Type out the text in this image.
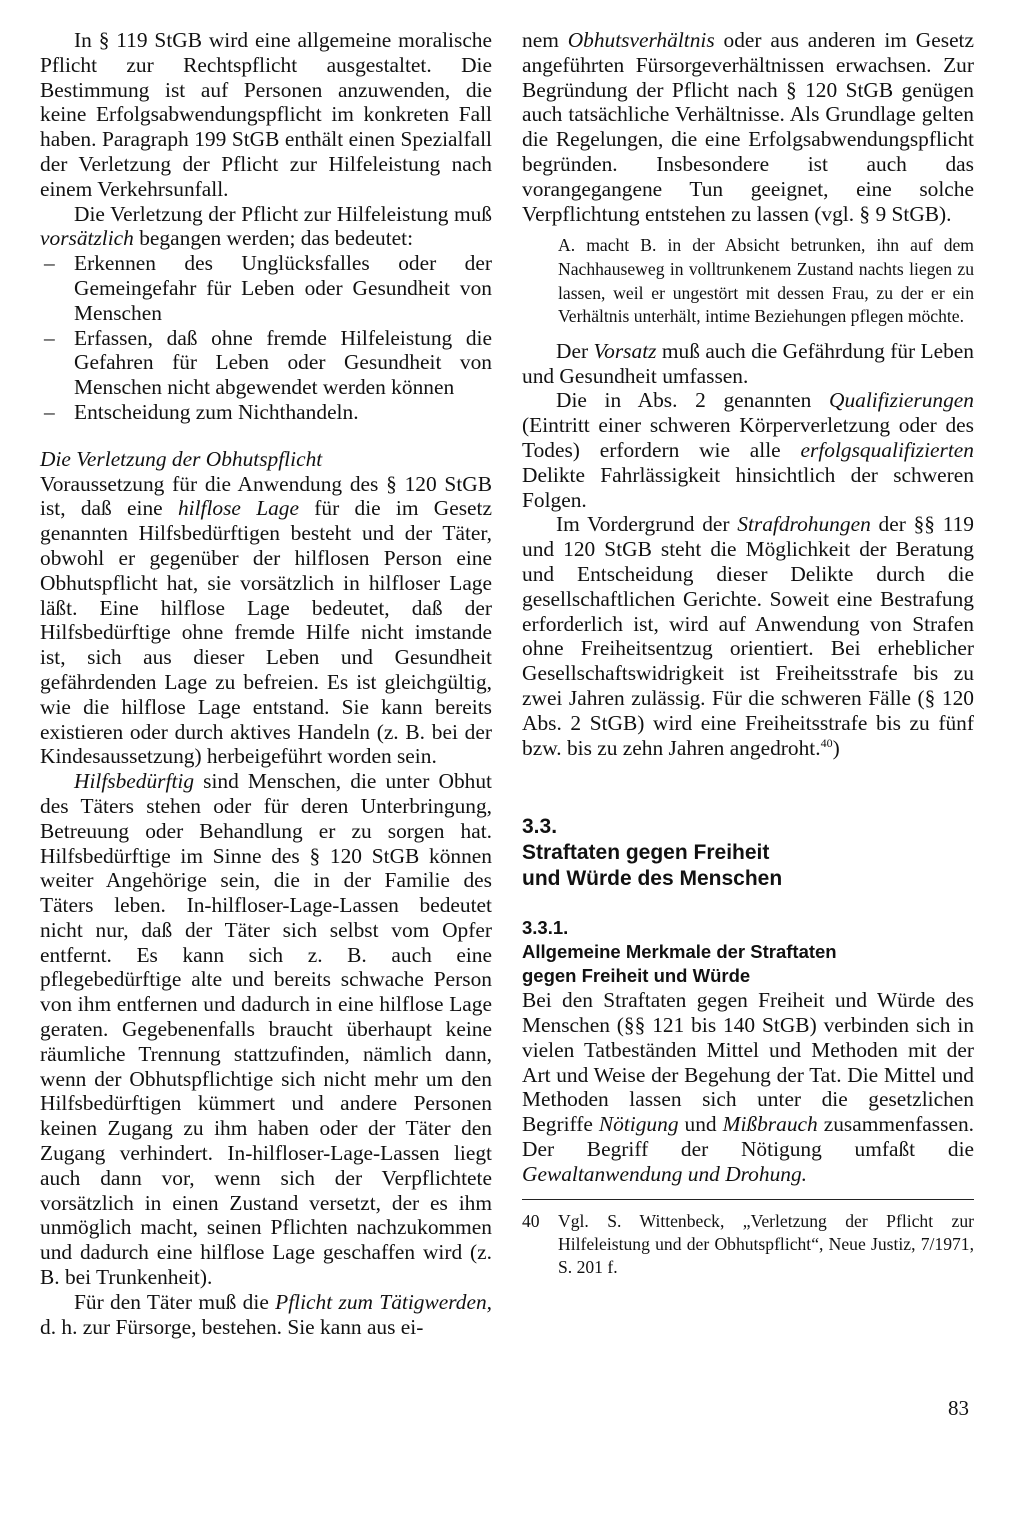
In § 119 StGB wird eine allgemeine moralische Pflicht zur Rechtspflicht ausgestaltet. Die Bestimmung ist auf Personen anzuwenden, die keine Erfolgsabwendungspflicht im konkreten Fall haben. Paragraph 199 StGB enthält einen Spezialfall der Verletzung der Pflicht zur Hilfeleistung nach einem Verkehrsunfall.

Die Verletzung der Pflicht zur Hilfeleistung muß vorsätzlich begangen werden; das bedeutet:

– Erkennen des Unglücksfalles oder der Gemeingefahr für Leben oder Gesundheit von Menschen
– Erfassen, daß ohne fremde Hilfeleistung die Gefahren für Leben oder Gesundheit von Menschen nicht abgewendet werden können
– Entscheidung zum Nichthandeln.

Die Verletzung der Obhutspflicht

Voraussetzung für die Anwendung des § 120 StGB ist, daß eine hilflose Lage für die im Gesetz genannten Hilfsbedürftigen besteht und der Täter, obwohl er gegenüber der hilflosen Person eine Obhutspflicht hat, sie vorsätzlich in hilfloser Lage läßt. Eine hilflose Lage bedeutet, daß der Hilfsbedürftige ohne fremde Hilfe nicht imstande ist, sich aus dieser Leben und Gesundheit gefährdenden Lage zu befreien. Es ist gleichgültig, wie die hilflose Lage entstand. Sie kann bereits existieren oder durch aktives Handeln (z. B. bei der Kindesaussetzung) herbeigeführt worden sein.

Hilfsbedürftig sind Menschen, die unter Obhut des Täters stehen oder für deren Unterbringung, Betreuung oder Behandlung er zu sorgen hat. Hilfsbedürftige im Sinne des § 120 StGB können weiter Angehörige sein, die in der Familie des Täters leben. In-hilfloser-Lage-Lassen bedeutet nicht nur, daß der Täter sich selbst vom Opfer entfernt. Es kann sich z. B. auch eine pflegebedürftige alte und bereits schwache Person von ihm entfernen und dadurch in eine hilflose Lage geraten. Gegebenenfalls braucht überhaupt keine räumliche Trennung stattzufinden, nämlich dann, wenn der Obhutspflichtige sich nicht mehr um den Hilfsbedürftigen kümmert und andere Personen keinen Zugang zu ihm haben oder der Täter den Zugang verhindert. In-hilfloser-Lage-Lassen liegt auch dann vor, wenn sich der Verpflichtete vorsätzlich in einen Zustand versetzt, der es ihm unmöglich macht, seinen Pflichten nachzukommen und dadurch eine hilflose Lage geschaffen wird (z. B. bei Trunkenheit).

Für den Täter muß die Pflicht zum Tätigwerden, d. h. zur Fürsorge, bestehen. Sie kann aus ei-

nem Obhutsverhältnis oder aus anderen im Gesetz angeführten Fürsorgeverhältnissen erwachsen. Zur Begründung der Pflicht nach § 120 StGB genügen auch tatsächliche Verhältnisse. Als Grundlage gelten die Regelungen, die eine Erfolgsabwendungspflicht begründen. Insbesondere ist auch das vorangegangene Tun geeignet, eine solche Verpflichtung entstehen zu lassen (vgl. § 9 StGB).

A. macht B. in der Absicht betrunken, ihn auf dem Nachhauseweg in volltrunkenem Zustand nachts liegen zu lassen, weil er ungestört mit dessen Frau, zu der er ein Verhältnis unterhält, intime Beziehungen pflegen möchte.

Der Vorsatz muß auch die Gefährdung für Leben und Gesundheit umfassen.

Die in Abs. 2 genannten Qualifizierungen (Eintritt einer schweren Körperverletzung oder des Todes) erfordern wie alle erfolgsqualifizierten Delikte Fahrlässigkeit hinsichtlich der schweren Folgen.

Im Vordergrund der Strafdrohungen der §§ 119 und 120 StGB steht die Möglichkeit der Beratung und Entscheidung dieser Delikte durch die gesellschaftlichen Gerichte. Soweit eine Bestrafung erforderlich ist, wird auf Anwendung von Strafen ohne Freiheitsentzug orientiert. Bei erheblicher Gesellschaftswidrigkeit ist Freiheitsstrafe bis zu zwei Jahren zulässig. Für die schweren Fälle (§ 120 Abs. 2 StGB) wird eine Freiheitsstrafe bis zu fünf bzw. bis zu zehn Jahren angedroht.$^{40}$)

3.3.
Straftaten gegen Freiheit
und Würde des Menschen
3.3.1.
Allgemeine Merkmale der Straftaten
gegen Freiheit und Würde

Bei den Straftaten gegen Freiheit und Würde des Menschen (§§ 121 bis 140 StGB) verbinden sich in vielen Tatbeständen Mittel und Methoden mit der Art und Weise der Begehung der Tat. Die Mittel und Methoden lassen sich unter die gesetzlichen Begriffe Nötigung und Mißbrauch zusammenfassen. Der Begriff der Nötigung umfaßt die Gewaltanwendung und Drohung.

40 Vgl. S. Wittenbeck, „Verletzung der Pflicht zur Hilfeleistung und der Obhutspflicht“, Neue Justiz, 7/1971, S. 201 f.
83
